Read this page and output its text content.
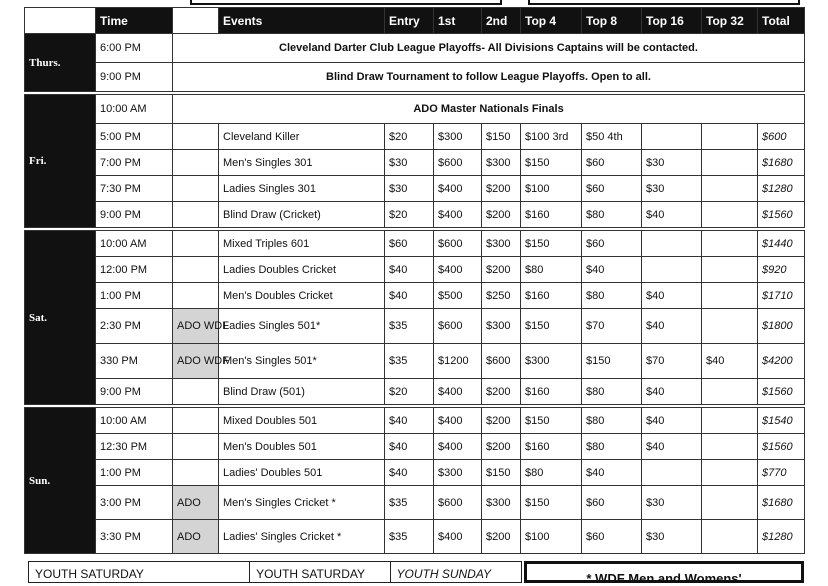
	Time		Events	Entry	1st	2nd	Top 4	Top 8	Top 16	Top 32	Total
Thurs.	6:00 PM	Cleveland Darter Club League Playoffs- All Divisions Captains will be contacted.									
	9:00 PM	Blind Draw Tournament to follow League Playoffs. Open to all.									

Fri.	10:00 AM	ADO Master Nationals Finals									
	5:00 PM		Cleveland Killer	$20	$300	$150	$100 3rd	$50 4th			$600
	7:00 PM		Men's Singles 301	$30	$600	$300	$150	$60	$30		$1680
	7:30 PM		Ladies Singles 301	$30	$400	$200	$100	$60	$30		$1280
	9:00 PM		Blind Draw (Cricket)	$20	$400	$200	$160	$80	$40		$1560

Sat.	10:00 AM		Mixed Triples 601	$60	$600	$300	$150	$60			$1440
	12:00 PM		Ladies Doubles Cricket	$40	$400	$200	$80	$40			$920
	1:00 PM		Men's Doubles Cricket	$40	$500	$250	$160	$80	$40		$1710
	2:30 PM	ADO WDF	Ladies Singles 501*	$35	$600	$300	$150	$70	$40		$1800
	330 PM	ADO WDF	Men's Singles 501*	$35	$1200	$600	$300	$150	$70	$40	$4200
	9:00 PM		Blind Draw (501)	$20	$400	$200	$160	$80	$40		$1560

Sun.	10:00 AM		Mixed Doubles 501	$40	$400	$200	$150	$80	$40		$1540
	12:30 PM		Men's Doubles 501	$40	$400	$200	$160	$80	$40		$1560
	1:00 PM		Ladies' Doubles 501	$40	$300	$150	$80	$40			$770
	3:00 PM	ADO	Men's Singles Cricket *	$35	$600	$300	$150	$60	$30		$1680
	3:30 PM	ADO	Ladies' Singles Cricket *	$35	$400	$200	$100	$60	$30		$1280
YOUTH SATURDAY	YOUTH SATURDAY	YOUTH SUNDAY	* WDF Men and Womens'
